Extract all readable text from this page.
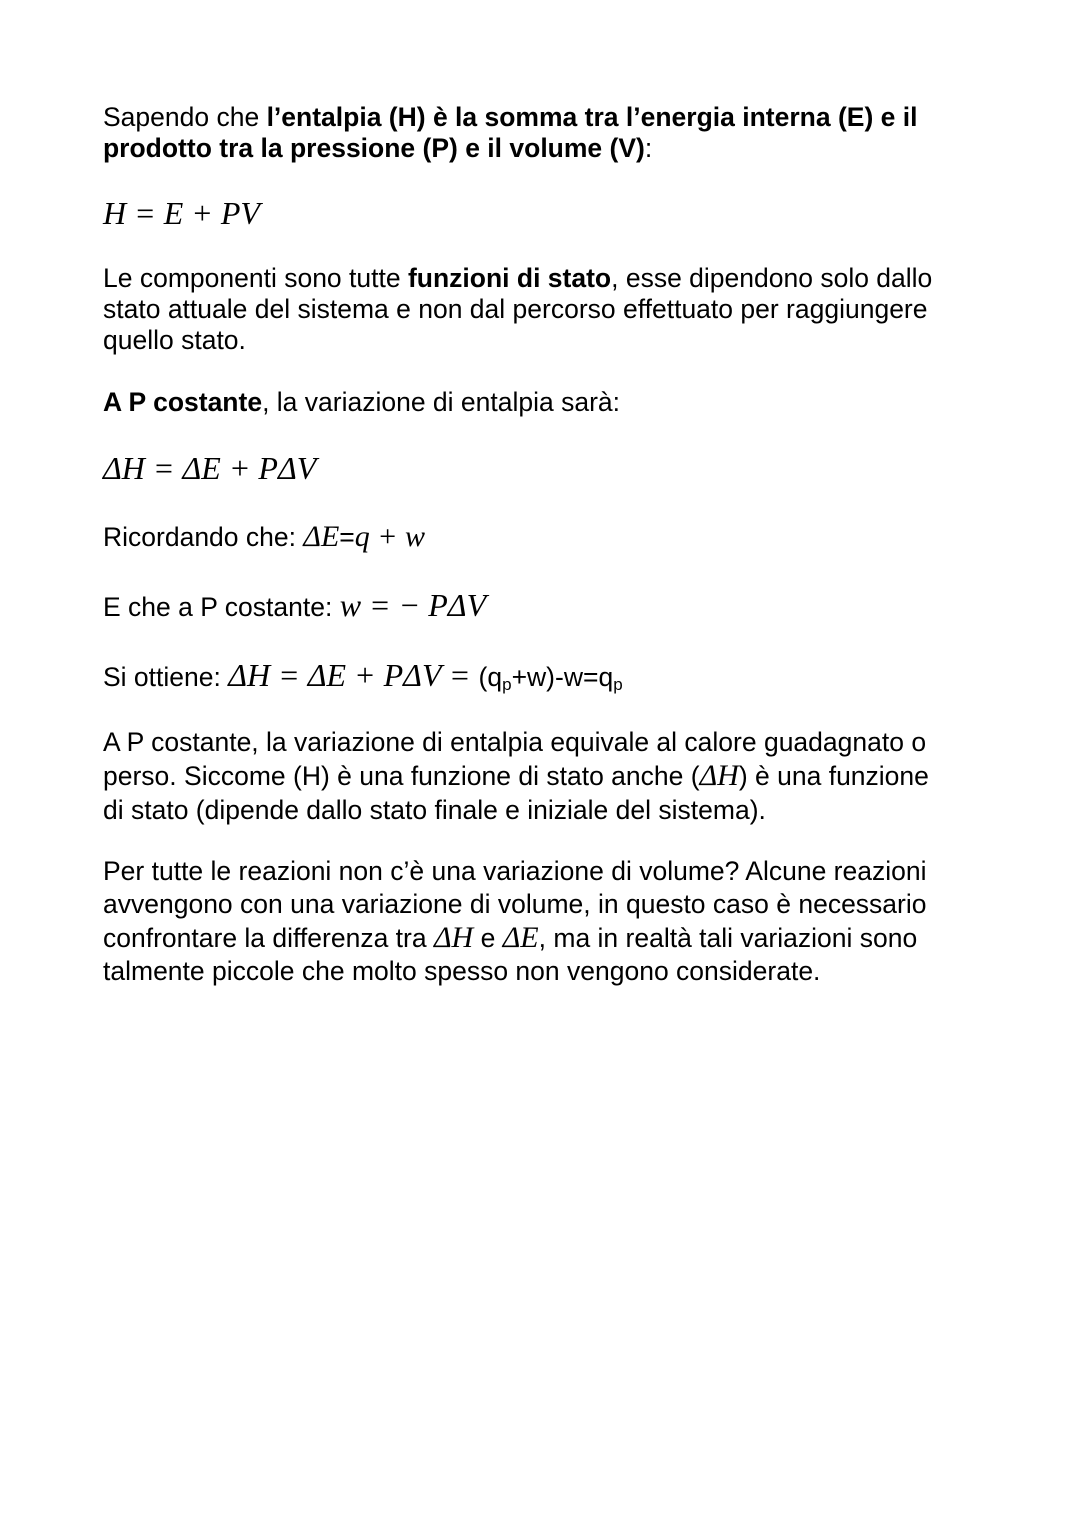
Sapendo che l’entalpia (H) è la somma tra l’energia interna (E) e il
prodotto tra la pressione (P) e il volume (V):

H = E + PV

Le componenti sono tutte funzioni di stato, esse dipendono solo dallo
stato attuale del sistema e non dal percorso effettuato per raggiungere
quello stato.

A P costante, la variazione di entalpia sarà:

ΔH = ΔE + PΔV

Ricordando che: ΔE=q + w

E che a P costante: w = − PΔV

Si ottiene: $\Delta H = \Delta E + P\Delta V = (q_p+w)-w=q_p$

A P costante, la variazione di entalpia equivale al calore guadagnato o
perso. Siccome (H) è una funzione di stato anche (ΔH) è una funzione
di stato (dipende dallo stato finale e iniziale del sistema).

Per tutte le reazioni non c’è una variazione di volume? Alcune reazioni
avvengono con una variazione di volume, in questo caso è necessario
confrontare la differenza tra ΔH e ΔE, ma in realtà tali variazioni sono
talmente piccole che molto spesso non vengono considerate.
